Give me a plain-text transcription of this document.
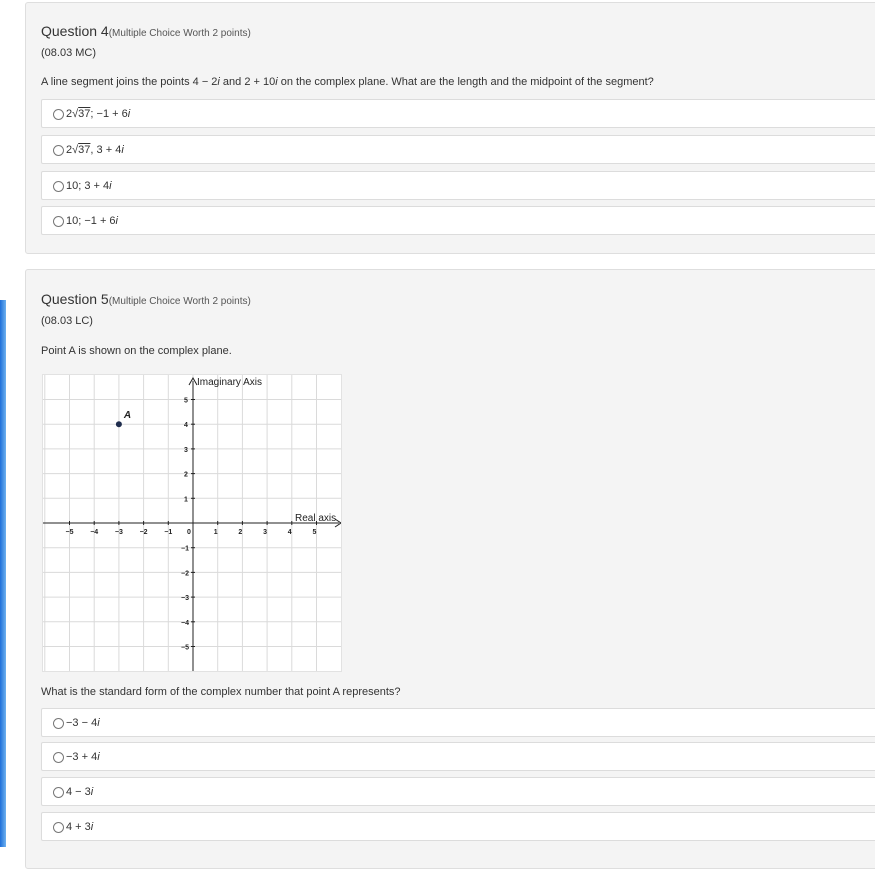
Question 4(Multiple Choice Worth 2 points)
(08.03 MC)
A line segment joins the points 4 − 2i and 2 + 10i on the complex plane. What are the length and the midpoint of the segment?
2√37; −1 + 6i
2√37, 3 + 4i
10; 3 + 4i
10; −1 + 6i
Question 5(Multiple Choice Worth 2 points)
(08.03 LC)
Point A is shown on the complex plane.
Imaginary Axis
Real axis
−5 −4 −3 −2 −1 0	1	2	3	4	5
5
4
3
2
1
−1
−2
−3
−4
−5
A
What is the standard form of the complex number that point A represents?
−3 − 4i
−3 + 4i
4 − 3i
4 + 3i
